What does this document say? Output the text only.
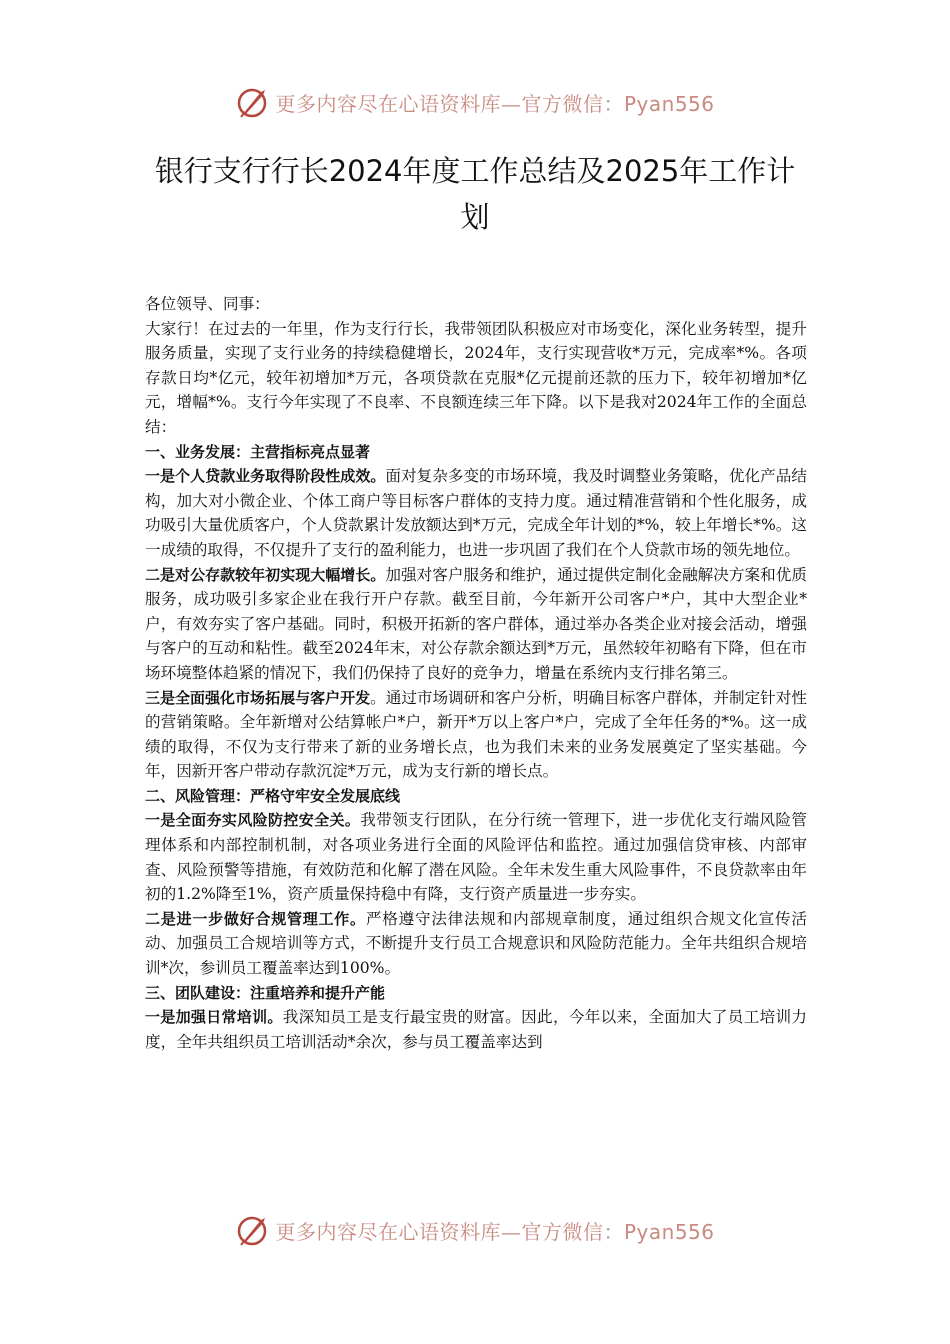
更多内容尽在心语资料库—官方微信：Pyan556
银行支行行长2024年度工作总结及2025年工作计划

各位领导、同事：

大家行！在过去的一年里，作为支行行长，我带领团队积极应对市场变化，深化业务转型，提升服务质量，实现了支行业务的持续稳健增长，2024年，支行实现营收*万元，完成率*%。各项存款日均*亿元，较年初增加*万元，各项贷款在克服*亿元提前还款的压力下，较年初增加*亿元，增幅*%。支行今年实现了不良率、不良额连续三年下降。以下是我对2024年工作的全面总结：

一、业务发展：主营指标亮点显著

一是个人贷款业务取得阶段性成效。面对复杂多变的市场环境，我及时调整业务策略，优化产品结构，加大对小微企业、个体工商户等目标客户群体的支持力度。通过精准营销和个性化服务，成功吸引大量优质客户，个人贷款累计发放额达到*万元，完成全年计划的*%，较上年增长*%。这一成绩的取得，不仅提升了支行的盈利能力，也进一步巩固了我们在个人贷款市场的领先地位。

二是对公存款较年初实现大幅增长。加强对客户服务和维护，通过提供定制化金融解决方案和优质服务，成功吸引多家企业在我行开户存款。截至目前，今年新开公司客户*户，其中大型企业*户，有效夯实了客户基础。同时，积极开拓新的客户群体，通过举办各类企业对接会活动，增强与客户的互动和粘性。截至2024年末，对公存款余额达到*万元，虽然较年初略有下降，但在市场环境整体趋紧的情况下，我们仍保持了良好的竞争力，增量在系统内支行排名第三。

三是全面强化市场拓展与客户开发。通过市场调研和客户分析，明确目标客户群体，并制定针对性的营销策略。全年新增对公结算帐户*户，新开*万以上客户*户，完成了全年任务的*%。这一成绩的取得，不仅为支行带来了新的业务增长点，也为我们未来的业务发展奠定了坚实基础。今年，因新开客户带动存款沉淀*万元，成为支行新的增长点。

二、风险管理：严格守牢安全发展底线

一是全面夯实风险防控安全关。我带领支行团队，在分行统一管理下，进一步优化支行端风险管理体系和内部控制机制，对各项业务进行全面的风险评估和监控。通过加强信贷审核、内部审查、风险预警等措施，有效防范和化解了潜在风险。全年未发生重大风险事件，不良贷款率由年初的1.2%降至1%，资产质量保持稳中有降，支行资产质量进一步夯实。

二是进一步做好合规管理工作。严格遵守法律法规和内部规章制度，通过组织合规文化宣传活动、加强员工合规培训等方式，不断提升支行员工合规意识和风险防范能力。全年共组织合规培训*次，参训员工覆盖率达到100%。

三、团队建设：注重培养和提升产能

一是加强日常培训。我深知员工是支行最宝贵的财富。因此，今年以来，全面加大了员工培训力度，全年共组织员工培训活动*余次，参与员工覆盖率达到

更多内容尽在心语资料库—官方微信：Pyan556
